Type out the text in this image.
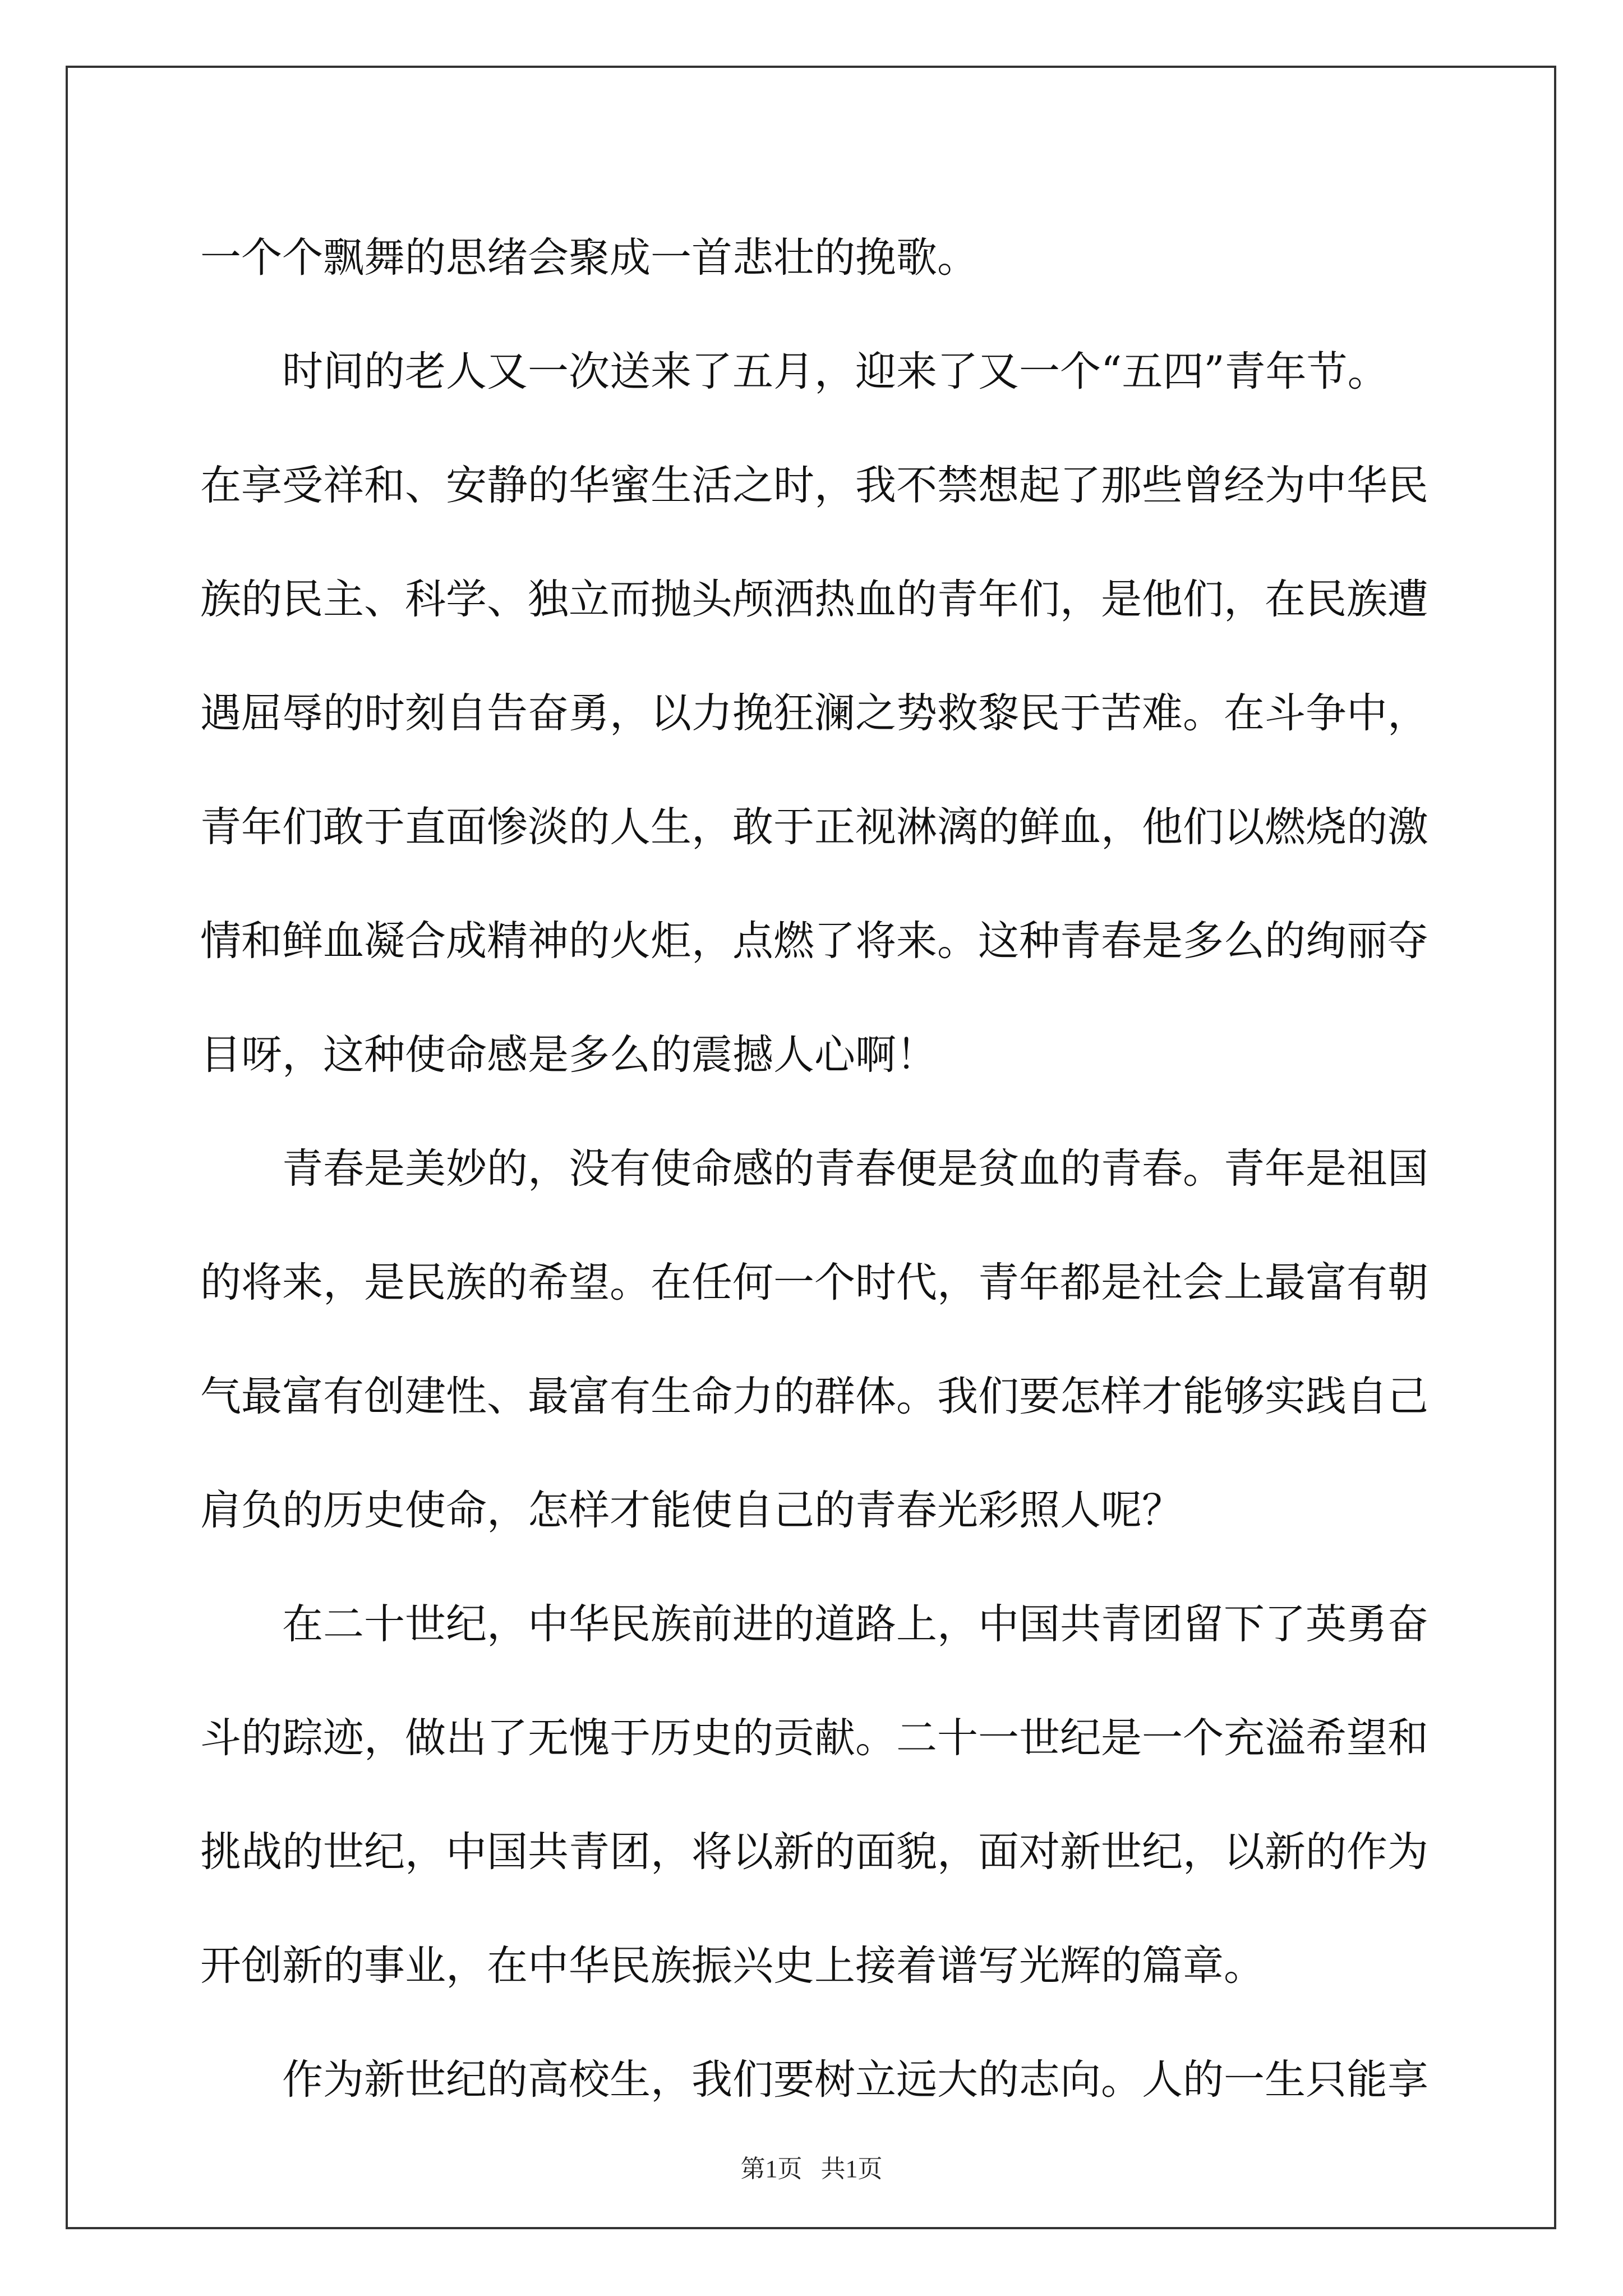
一个个飘舞的思绪会聚成一首悲壮的挽歌。
时间的老人又一次送来了五月，迎来了又一个“五四”青年节。
在享受祥和、安静的华蜜生活之时，我不禁想起了那些曾经为中华民
族的民主、科学、独立而抛头颅洒热血的青年们，是他们，在民族遭
遇屈辱的时刻自告奋勇，以力挽狂澜之势救黎民于苦难。在斗争中，
青年们敢于直面惨淡的人生，敢于正视淋漓的鲜血，他们以燃烧的激
情和鲜血凝合成精神的火炬，点燃了将来。这种青春是多么的绚丽夺
目呀，这种使命感是多么的震撼人心啊！
青春是美妙的，没有使命感的青春便是贫血的青春。青年是祖国
的将来，是民族的希望。在任何一个时代，青年都是社会上最富有朝
气最富有创建性、最富有生命力的群体。我们要怎样才能够实践自己
肩负的历史使命，怎样才能使自己的青春光彩照人呢？
在二十世纪，中华民族前进的道路上，中国共青团留下了英勇奋
斗的踪迹，做出了无愧于历史的贡献。二十一世纪是一个充溢希望和
挑战的世纪，中国共青团，将以新的面貌，面对新世纪，以新的作为
开创新的事业，在中华民族振兴史上接着谱写光辉的篇章。
作为新世纪的高校生，我们要树立远大的志向。人的一生只能享
第1页   共1页
